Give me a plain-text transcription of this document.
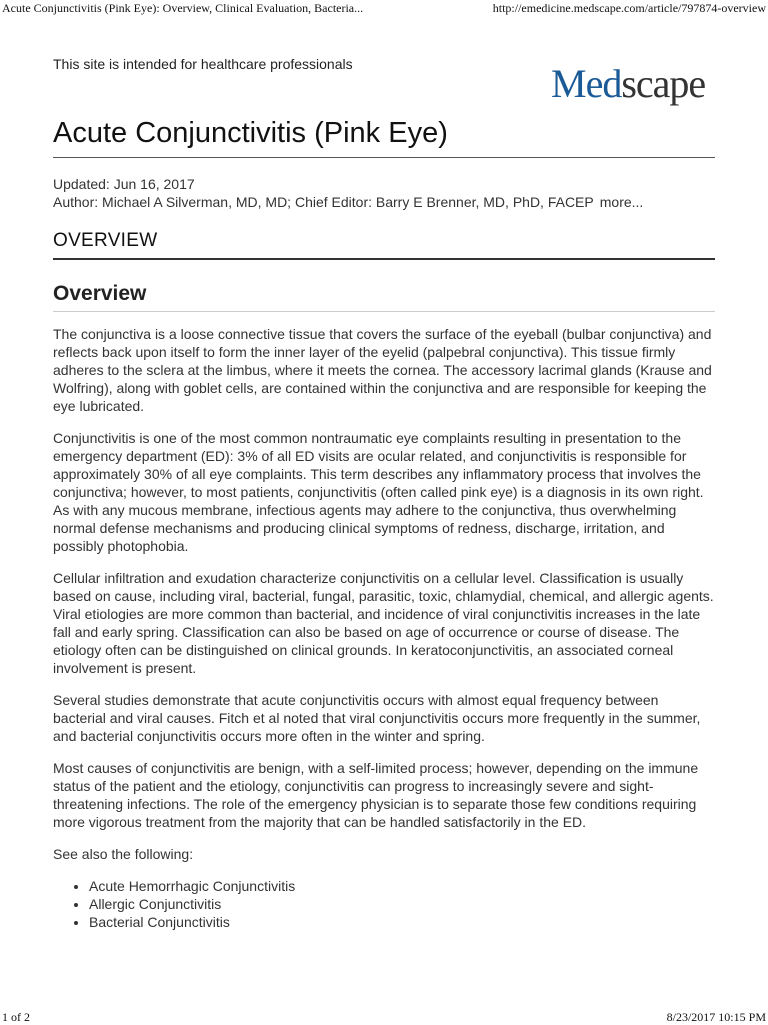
Acute Conjunctivitis (Pink Eye): Overview, Clinical Evaluation, Bacteria...	http://emedicine.medscape.com/article/797874-overview
This site is intended for healthcare professionals	Medscape
Acute Conjunctivitis (Pink Eye)
Updated: Jun 16, 2017
Author: Michael A Silverman, MD, MD; Chief Editor: Barry E Brenner, MD, PhD, FACEP more...
OVERVIEW
Overview

The conjunctiva is a loose connective tissue that covers the surface of the eyeball (bulbar conjunctiva) and reflects back upon itself to form the inner layer of the eyelid (palpebral conjunctiva). This tissue firmly adheres to the sclera at the limbus, where it meets the cornea. The accessory lacrimal glands (Krause and Wolfring), along with goblet cells, are contained within the conjunctiva and are responsible for keeping the eye lubricated.

Conjunctivitis is one of the most common nontraumatic eye complaints resulting in presentation to the emergency department (ED): 3% of all ED visits are ocular related, and conjunctivitis is responsible for approximately 30% of all eye complaints. This term describes any inflammatory process that involves the conjunctiva; however, to most patients, conjunctivitis (often called pink eye) is a diagnosis in its own right. As with any mucous membrane, infectious agents may adhere to the conjunctiva, thus overwhelming normal defense mechanisms and producing clinical symptoms of redness, discharge, irritation, and possibly photophobia.

Cellular infiltration and exudation characterize conjunctivitis on a cellular level. Classification is usually based on cause, including viral, bacterial, fungal, parasitic, toxic, chlamydial, chemical, and allergic agents. Viral etiologies are more common than bacterial, and incidence of viral conjunctivitis increases in the late fall and early spring. Classification can also be based on age of occurrence or course of disease. The etiology often can be distinguished on clinical grounds. In keratoconjunctivitis, an associated corneal involvement is present.

Several studies demonstrate that acute conjunctivitis occurs with almost equal frequency between bacterial and viral causes. Fitch et al noted that viral conjunctivitis occurs more frequently in the summer, and bacterial conjunctivitis occurs more often in the winter and spring.

Most causes of conjunctivitis are benign, with a self-limited process; however, depending on the immune status of the patient and the etiology, conjunctivitis can progress to increasingly severe and sight-threatening infections. The role of the emergency physician is to separate those few conditions requiring more vigorous treatment from the majority that can be handled satisfactorily in the ED.

See also the following:

• Acute Hemorrhagic Conjunctivitis
• Allergic Conjunctivitis
• Bacterial Conjunctivitis
1 of 2	8/23/2017 10:15 PM
